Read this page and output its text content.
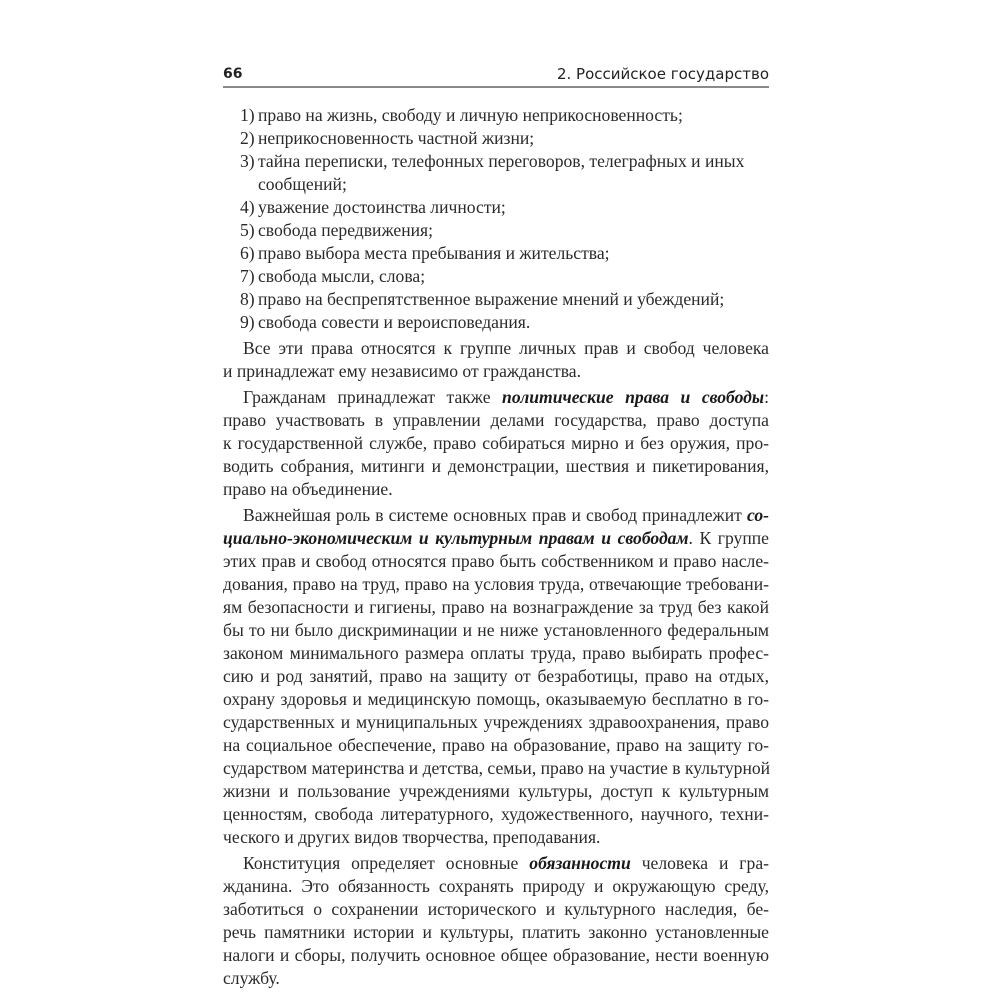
66	2. Российское государство
1) право на жизнь, свободу и личную неприкосновенность;
2) неприкосновенность частной жизни;
3) тайна переписки, телефонных переговоров, телеграфных и иных
сообщений;
4) уважение достоинства личности;
5) свобода передвижения;
6) право выбора места пребывания и жительства;
7) свобода мысли, слова;
8) право на беспрепятственное выражение мнений и убеждений;
9) свобода совести и вероисповедания.
Все эти права относятся к группе личных прав и свобод человека
и принадлежат ему независимо от гражданства.
Гражданам принадлежат также политические права и свободы:
право участвовать в управлении делами государства, право доступа
к государственной службе, право собираться мирно и без оружия, про-
водить собрания, митинги и демонстрации, шествия и пикетирования,
право на объединение.
Важнейшая роль в системе основных прав и свобод принадлежит со-
циально-экономическим и культурным правам и свободам. К группе
этих прав и свобод относятся право быть собственником и право насле-
дования, право на труд, право на условия труда, отвечающие требовани-
ям безопасности и гигиены, право на вознаграждение за труд без какой
бы то ни было дискриминации и не ниже установленного федеральным
законом минимального размера оплаты труда, право выбирать профес-
сию и род занятий, право на защиту от безработицы, право на отдых,
охрану здоровья и медицинскую помощь, оказываемую бесплатно в го-
сударственных и муниципальных учреждениях здравоохранения, право
на социальное обеспечение, право на образование, право на защиту го-
сударством материнства и детства, семьи, право на участие в культурной
жизни и пользование учреждениями культуры, доступ к культурным
ценностям, свобода литературного, художественного, научного, техни-
ческого и других видов творчества, преподавания.
Конституция определяет основные обязанности человека и гра-
жданина. Это обязанность сохранять природу и окружающую среду,
заботиться о сохранении исторического и культурного наследия, бе-
речь памятники истории и культуры, платить законно установленные
налоги и сборы, получить основное общее образование, нести военную
службу.
